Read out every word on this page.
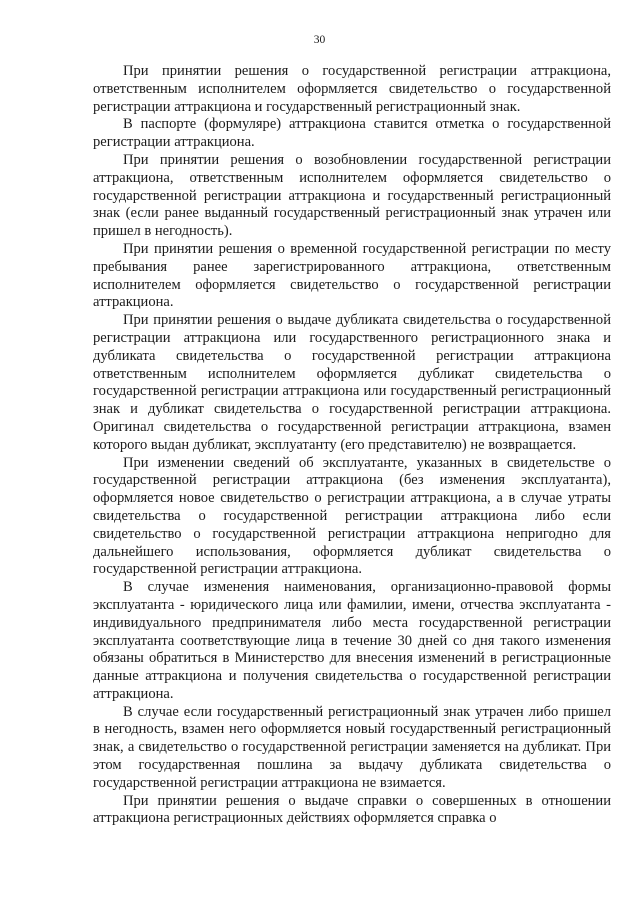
30

При принятии решения о государственной регистрации аттракциона, ответственным исполнителем оформляется свидетельство о государственной регистрации аттракциона и государственный регистрационный знак.

В паспорте (формуляре) аттракциона ставится отметка о государственной регистрации аттракциона.

При принятии решения о возобновлении государственной регистрации аттракциона, ответственным исполнителем оформляется свидетельство о государственной регистрации аттракциона и государственный регистрационный знак (если ранее выданный государственный регистрационный знак утрачен или пришел в негодность).

При принятии решения о временной государственной регистрации по месту пребывания ранее зарегистрированного аттракциона, ответственным исполнителем оформляется свидетельство о государственной регистрации аттракциона.

При принятии решения о выдаче дубликата свидетельства о государственной регистрации аттракциона или государственного регистрационного знака и дубликата свидетельства о государственной регистрации аттракциона ответственным исполнителем оформляется дубликат свидетельства о государственной регистрации аттракциона или государственный регистрационный знак и дубликат свидетельства о государственной регистрации аттракциона. Оригинал свидетельства о государственной регистрации аттракциона, взамен которого выдан дубликат, эксплуатанту (его представителю) не возвращается.

При изменении сведений об эксплуатанте, указанных в свидетельстве о государственной регистрации аттракциона (без изменения эксплуатанта), оформляется новое свидетельство о регистрации аттракциона, а в случае утраты свидетельства о государственной регистрации аттракциона либо если свидетельство о государственной регистрации аттракциона непригодно для дальнейшего использования, оформляется дубликат свидетельства о государственной регистрации аттракциона.

В случае изменения наименования, организационно-правовой формы эксплуатанта - юридического лица или фамилии, имени, отчества эксплуатанта - индивидуального предпринимателя либо места государственной регистрации эксплуатанта соответствующие лица в течение 30 дней со дня такого изменения обязаны обратиться в Министерство для внесения изменений в регистрационные данные аттракциона и получения свидетельства о государственной регистрации аттракциона.

В случае если государственный регистрационный знак утрачен либо пришел в негодность, взамен него оформляется новый государственный регистрационный знак, а свидетельство о государственной регистрации заменяется на дубликат. При этом государственная пошлина за выдачу дубликата свидетельства о государственной регистрации аттракциона не взимается.

При принятии решения о выдаче справки о совершенных в отношении аттракциона регистрационных действиях оформляется справка о
